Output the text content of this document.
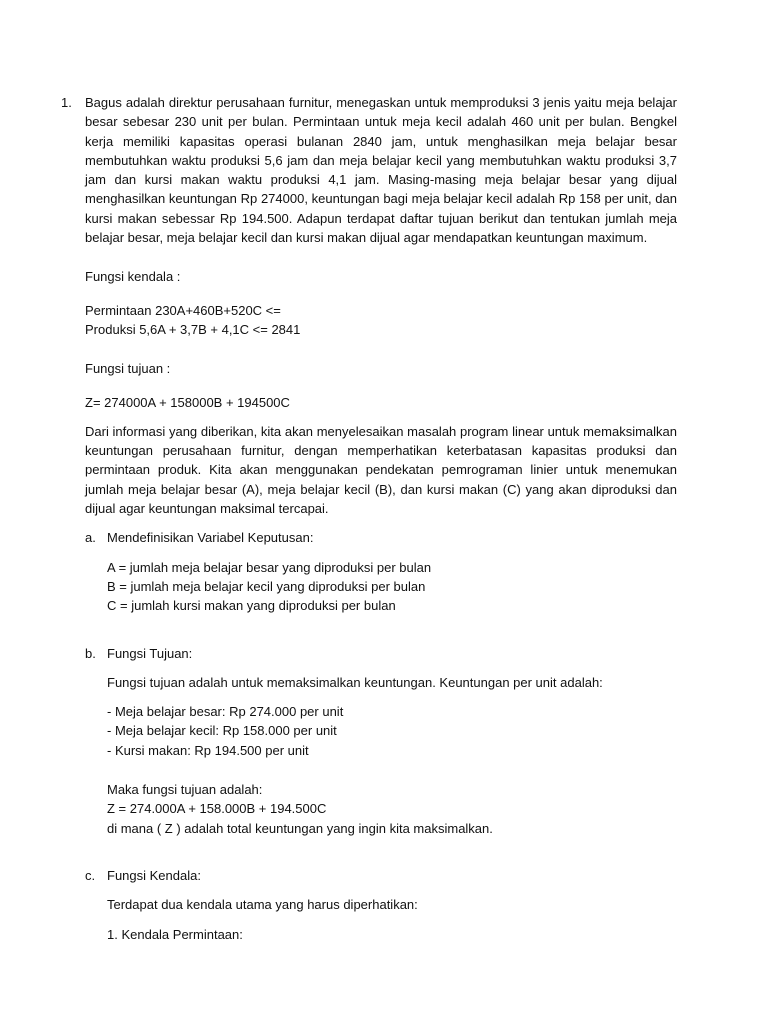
1. Bagus adalah direktur perusahaan furnitur, menegaskan untuk memproduksi 3 jenis yaitu meja belajar besar sebesar 230 unit per bulan. Permintaan untuk meja kecil adalah 460 unit per bulan. Bengkel kerja memiliki kapasitas operasi bulanan 2840 jam, untuk menghasilkan meja belajar besar membutuhkan waktu produksi 5,6 jam dan meja belajar kecil yang membutuhkan waktu produksi 3,7 jam dan kursi makan waktu produksi 4,1 jam. Masing-masing meja belajar besar yang dijual menghasilkan keuntungan Rp 274000, keuntungan bagi meja belajar kecil adalah Rp 158 per unit, dan kursi makan sebessar Rp 194.500. Adapun terdapat daftar tujuan berikut dan tentukan jumlah meja belajar besar, meja belajar kecil dan kursi makan dijual agar mendapatkan keuntungan maximum.

Fungsi kendala :

Permintaan 230A+460B+520C <=

Produksi 5,6A + 3,7B + 4,1C <= 2841

Fungsi tujuan :

Z= 274000A + 158000B + 194500C

Dari informasi yang diberikan, kita akan menyelesaikan masalah program linear untuk memaksimalkan keuntungan perusahaan furnitur, dengan memperhatikan keterbatasan kapasitas produksi dan permintaan produk. Kita akan menggunakan pendekatan pemrograman linier untuk menemukan jumlah meja belajar besar (A), meja belajar kecil (B), dan kursi makan (C) yang akan diproduksi dan dijual agar keuntungan maksimal tercapai.

a. Mendefinisikan Variabel Keputusan:

A = jumlah meja belajar besar yang diproduksi per bulan

B = jumlah meja belajar kecil yang diproduksi per bulan

C = jumlah kursi makan yang diproduksi per bulan

b. Fungsi Tujuan:

Fungsi tujuan adalah untuk memaksimalkan keuntungan. Keuntungan per unit adalah:

- Meja belajar besar: Rp 274.000 per unit

- Meja belajar kecil: Rp 158.000 per unit

- Kursi makan: Rp 194.500 per unit

Maka fungsi tujuan adalah:

Z = 274.000A + 158.000B + 194.500C

di mana ( Z ) adalah total keuntungan yang ingin kita maksimalkan.

c. Fungsi Kendala:

Terdapat dua kendala utama yang harus diperhatikan:

1. Kendala Permintaan:
